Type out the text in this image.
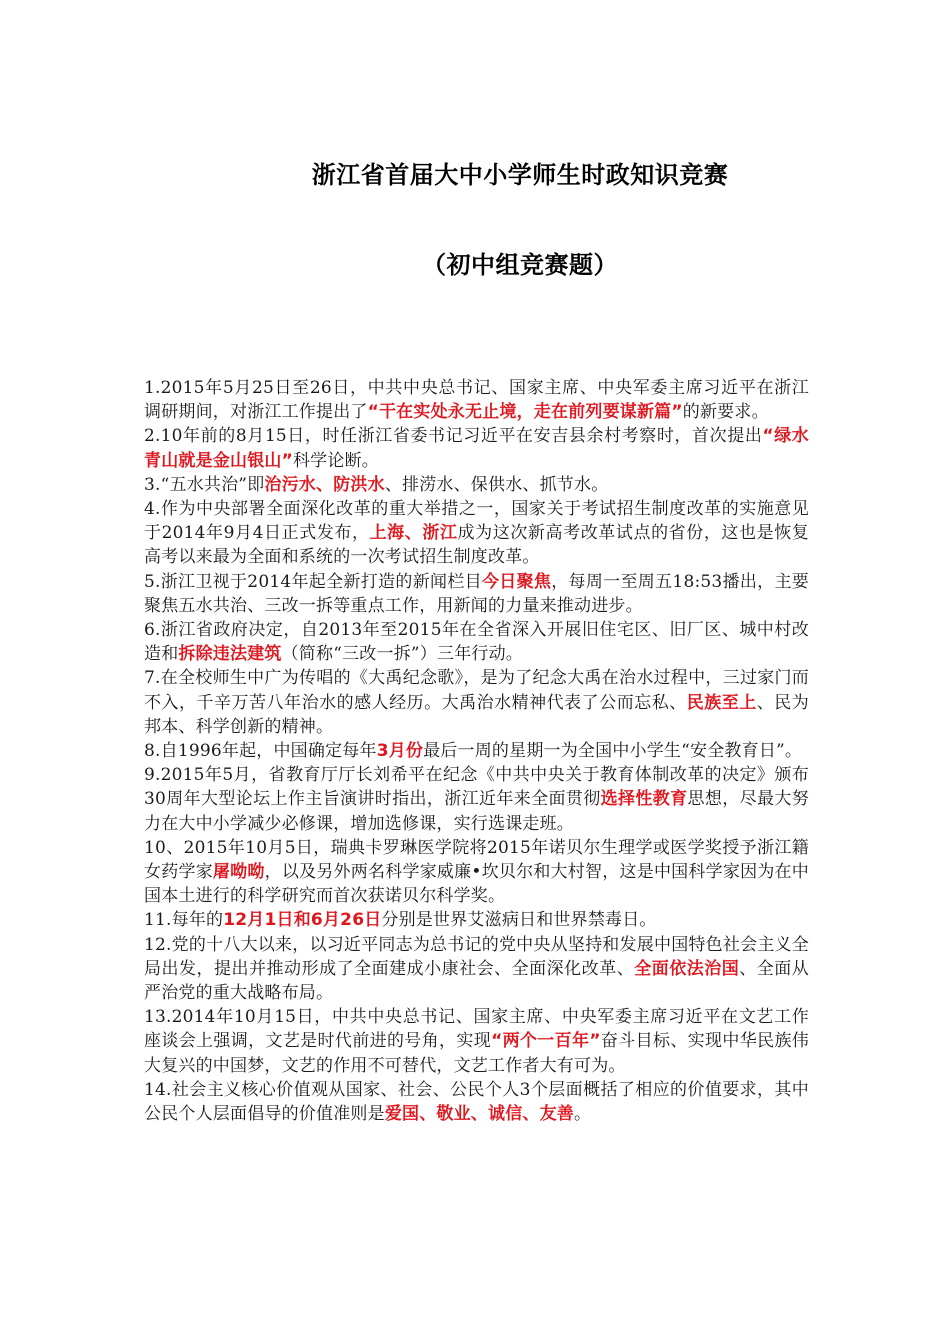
浙江省首届大中小学师生时政知识竞赛
（初中组竞赛题）

1.2015年5月25日至26日，中共中央总书记、国家主席、中央军委主席习近平在浙江调研期间，对浙江工作提出了“干在实处永无止境，走在前列要谋新篇”的新要求。

2.10年前的8月15日，时任浙江省委书记习近平在安吉县余村考察时，首次提出“绿水青山就是金山银山”科学论断。

3.“五水共治”即治污水、防洪水、排涝水、保供水、抓节水。

4.作为中央部署全面深化改革的重大举措之一，国家关于考试招生制度改革的实施意见于2014年9月4日正式发布，上海、浙江成为这次新高考改革试点的省份，这也是恢复高考以来最为全面和系统的一次考试招生制度改革。

5.浙江卫视于2014年起全新打造的新闻栏目今日聚焦，每周一至周五18:53播出，主要聚焦五水共治、三改一拆等重点工作，用新闻的力量来推动进步。

6.浙江省政府决定，自2013年至2015年在全省深入开展旧住宅区、旧厂区、城中村改造和拆除违法建筑（简称“三改一拆”）三年行动。

7.在全校师生中广为传唱的《大禹纪念歌》，是为了纪念大禹在治水过程中，三过家门而不入，千辛万苦八年治水的感人经历。大禹治水精神代表了公而忘私、民族至上、民为邦本、科学创新的精神。

8.自1996年起，中国确定每年3月份最后一周的星期一为全国中小学生“安全教育日”。

9.2015年5月，省教育厅厅长刘希平在纪念《中共中央关于教育体制改革的决定》颁布30周年大型论坛上作主旨演讲时指出，浙江近年来全面贯彻选择性教育思想，尽最大努力在大中小学减少必修课，增加选修课，实行选课走班。

10、2015年10月5日，瑞典卡罗琳医学院将2015年诺贝尔生理学或医学奖授予浙江籍女药学家屠呦呦，以及另外两名科学家威廉•坎贝尔和大村智，这是中国科学家因为在中国本土进行的科学研究而首次获诺贝尔科学奖。

11.每年的12月1日和6月26日分别是世界艾滋病日和世界禁毒日。

12.党的十八大以来，以习近平同志为总书记的党中央从坚持和发展中国特色社会主义全局出发，提出并推动形成了全面建成小康社会、全面深化改革、全面依法治国、全面从严治党的重大战略布局。

13.2014年10月15日，中共中央总书记、国家主席、中央军委主席习近平在文艺工作座谈会上强调，文艺是时代前进的号角，实现“两个一百年”奋斗目标、实现中华民族伟大复兴的中国梦，文艺的作用不可替代，文艺工作者大有可为。

14.社会主义核心价值观从国家、社会、公民个人3个层面概括了相应的价值要求，其中公民个人层面倡导的价值准则是爱国、敬业、诚信、友善。
